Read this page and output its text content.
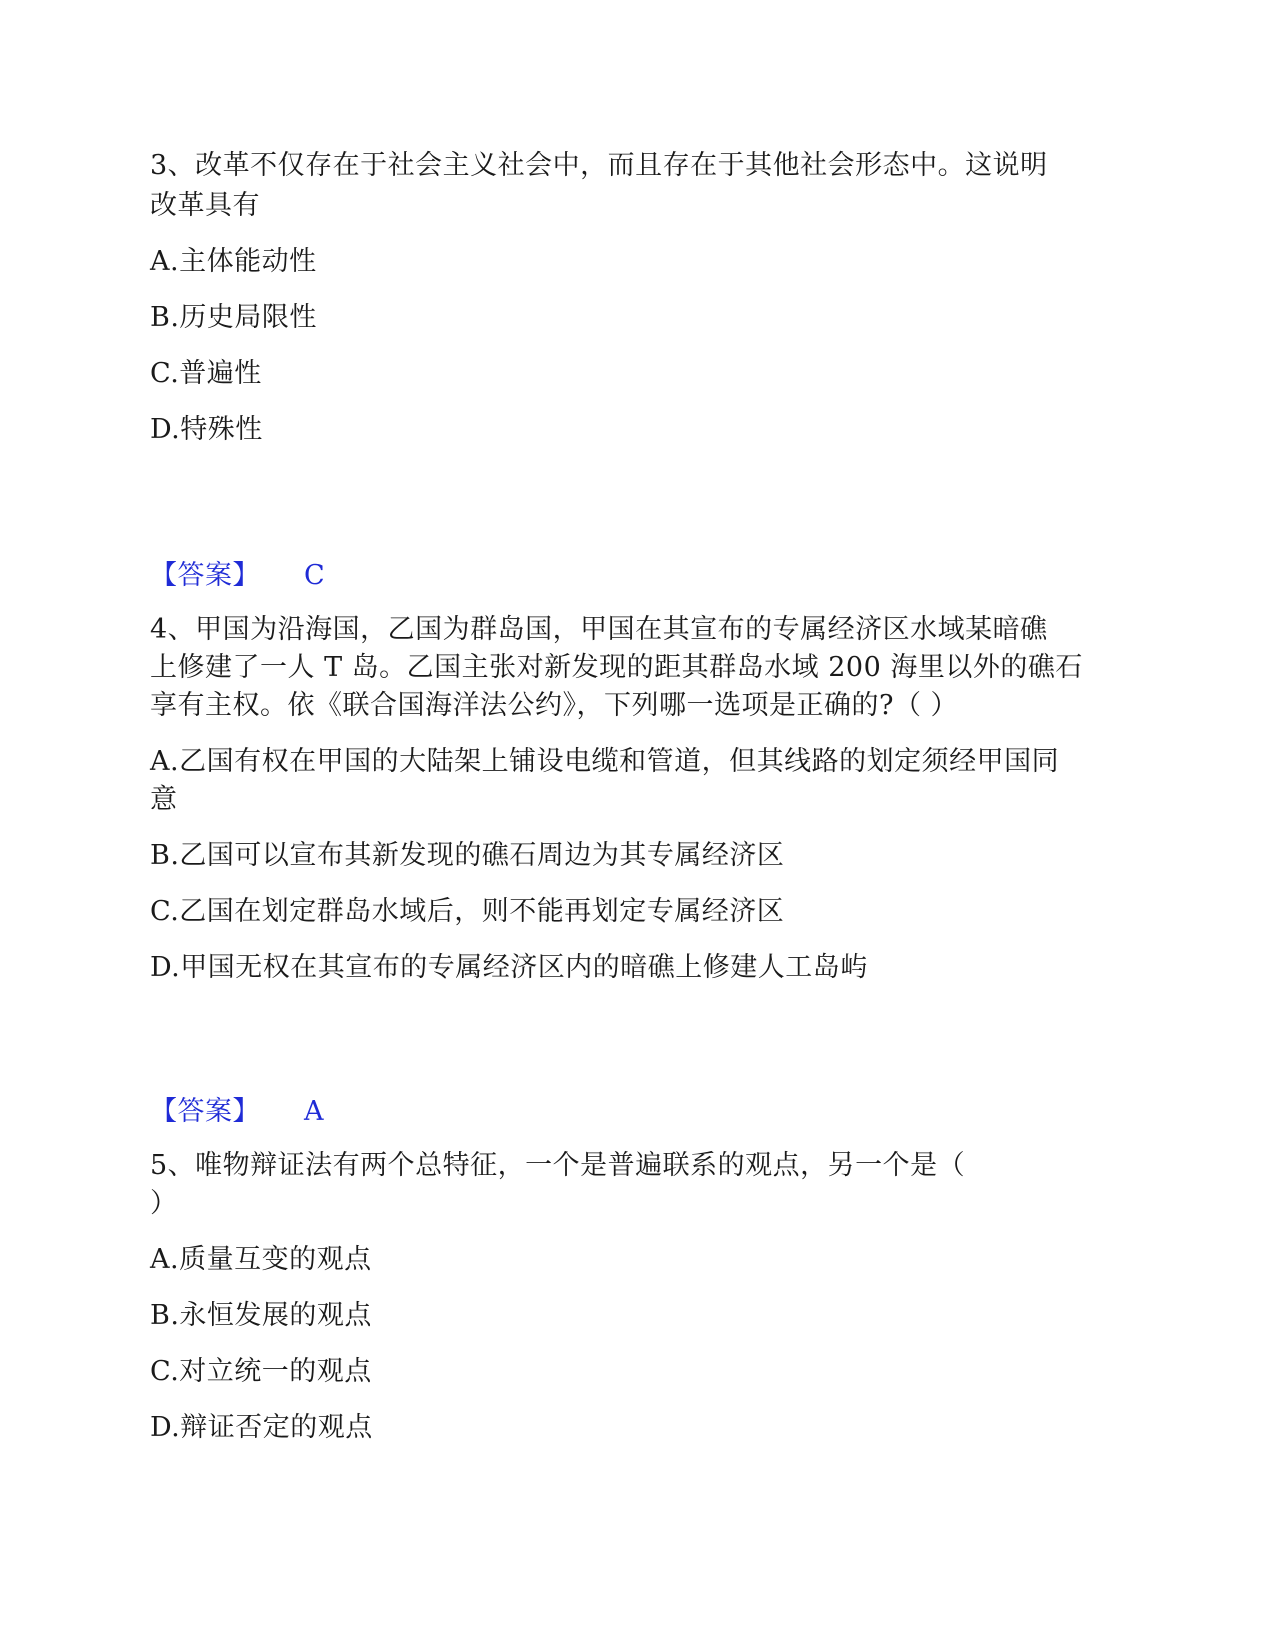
3、改革不仅存在于社会主义社会中，而且存在于其他社会形态中。这说明
改革具有
A.主体能动性
B.历史局限性
C.普遍性
D.特殊性
【答案】 C
4、甲国为沿海国，乙国为群岛国，甲国在其宣布的专属经济区水域某暗礁
上修建了一人 T 岛。乙国主张对新发现的距其群岛水域 200 海里以外的礁石
享有主权。依《联合国海洋法公约》，下列哪一选项是正确的?（ ）
A.乙国有权在甲国的大陆架上铺设电缆和管道，但其线路的划定须经甲国同
意
B.乙国可以宣布其新发现的礁石周边为其专属经济区
C.乙国在划定群岛水域后，则不能再划定专属经济区
D.甲国无权在其宣布的专属经济区内的暗礁上修建人工岛屿
【答案】 A
5、唯物辩证法有两个总特征，一个是普遍联系的观点，另一个是（
）
A.质量互变的观点
B.永恒发展的观点
C.对立统一的观点
D.辩证否定的观点
